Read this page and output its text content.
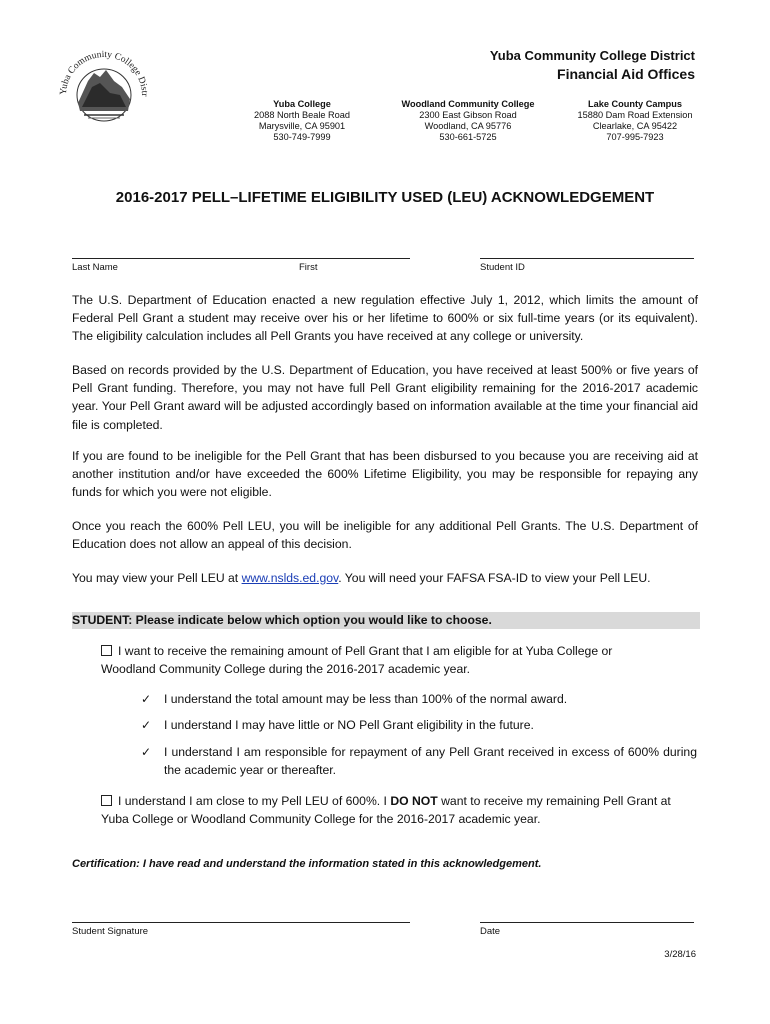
Yuba Community College Distr
Yuba Community College District
Financial Aid Offices
Yuba College
2088 North Beale Road
Marysville, CA 95901
530-749-7999
Woodland Community College
2300 East Gibson Road
Woodland, CA 95776
530-661-5725
Lake County Campus
15880 Dam Road Extension
Clearlake, CA 95422
707-995-7923
2016-2017 PELL–LIFETIME ELIGIBILITY USED (LEU) ACKNOWLEDGEMENT
Last Name	First	Student ID
The U.S. Department of Education enacted a new regulation effective July 1, 2012, which limits the amount of Federal Pell Grant a student may receive over his or her lifetime to 600% or six full-time years (or its equivalent). The eligibility calculation includes all Pell Grants you have received at any college or university.
Based on records provided by the U.S. Department of Education, you have received at least 500% or five years of Pell Grant funding. Therefore, you may not have full Pell Grant eligibility remaining for the 2016-2017 academic year. Your Pell Grant award will be adjusted accordingly based on information available at the time your financial aid file is completed.
If you are found to be ineligible for the Pell Grant that has been disbursed to you because you are receiving aid at another institution and/or have exceeded the 600% Lifetime Eligibility, you may be responsible for repaying any funds for which you were not eligible.
Once you reach the 600% Pell LEU, you will be ineligible for any additional Pell Grants. The U.S. Department of Education does not allow an appeal of this decision.
You may view your Pell LEU at www.nslds.ed.gov. You will need your FAFSA FSA-ID to view your Pell LEU.
STUDENT: Please indicate below which option you would like to choose.
I want to receive the remaining amount of Pell Grant that I am eligible for at Yuba College or Woodland Community College during the 2016-2017 academic year.
✓	I understand the total amount may be less than 100% of the normal award.
✓	I understand I may have little or NO Pell Grant eligibility in the future.
✓	I understand I am responsible for repayment of any Pell Grant received in excess of 600% during the academic year or thereafter.
I understand I am close to my Pell LEU of 600%. I DO NOT want to receive my remaining Pell Grant at Yuba College or Woodland Community College for the 2016-2017 academic year.
Certification: I have read and understand the information stated in this acknowledgement.
Student Signature	Date
3/28/16
